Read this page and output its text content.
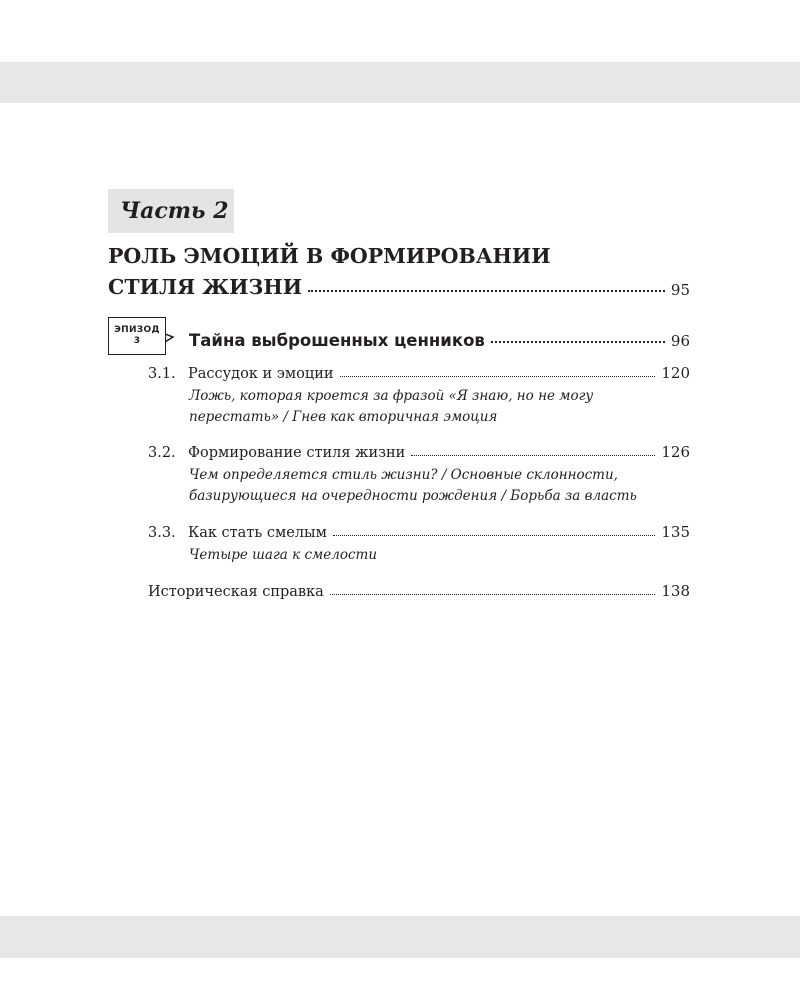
Часть 2
РОЛЬ ЭМОЦИЙ В ФОРМИРОВАНИИ
СТИЛЯ ЖИЗНИ	95
ЭПИЗОД
3	Тайна выброшенных ценников	96
3.1. Рассудок и эмоции	120
Ложь, которая кроется за фразой «Я знаю, но не могу
перестать» / Гнев как вторичная эмоция
3.2. Формирование стиля жизни	126
Чем определяется стиль жизни? / Основные склонности,
базирующиеся на очередности рождения / Борьба за власть
3.3. Как стать смелым	135
Четыре шага к смелости
Историческая справка	138
